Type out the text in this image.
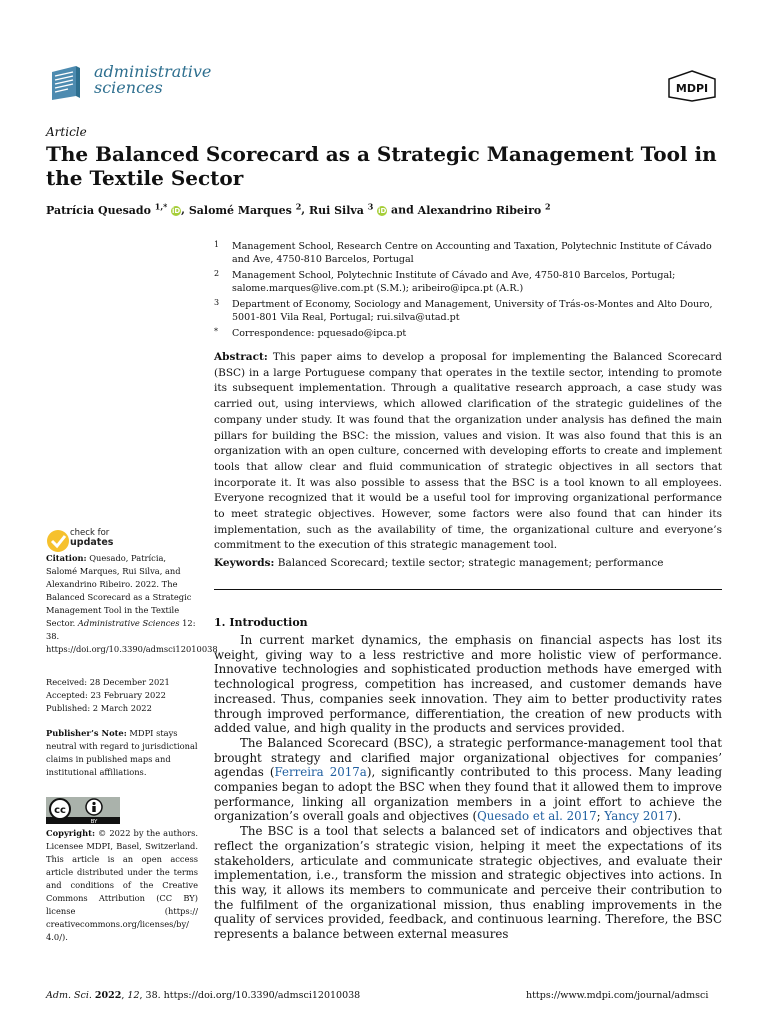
administrative
sciences	MDPI
Article
The Balanced Scorecard as a Strategic Management Tool in the Textile Sector
Patrícia Quesado $^{1,*}$ iD, Salomé Marques $^2$, Rui Silva $^3$ iD and Alexandrino Ribeiro $^2$
1 Management School, Research Centre on Accounting and Taxation, Polytechnic Institute of Cávado and Ave, 4750-810 Barcelos, Portugal
2 Management School, Polytechnic Institute of Cávado and Ave, 4750-810 Barcelos, Portugal; salome.marques@live.com.pt (S.M.); aribeiro@ipca.pt (A.R.)
3 Department of Economy, Sociology and Management, University of Trás-os-Montes and Alto Douro, 5001-801 Vila Real, Portugal; rui.silva@utad.pt
* Correspondence: pquesado@ipca.pt
Abstract: This paper aims to develop a proposal for implementing the Balanced Scorecard (BSC) in a large Portuguese company that operates in the textile sector, intending to promote its subsequent implementation. Through a qualitative research approach, a case study was carried out, using interviews, which allowed clarification of the strategic guidelines of the company under study. It was found that the organization under analysis has defined the main pillars for building the BSC: the mission, values and vision. It was also found that this is an organization with an open culture, concerned with developing efforts to create and implement tools that allow clear and fluid communication of strategic objectives in all sectors that incorporate it. It was also possible to assess that the BSC is a tool known to all employees. Everyone recognized that it would be a useful tool for improving organizational performance to meet strategic objectives. However, some factors were also found that can hinder its implementation, such as the availability of time, the organizational culture and everyone’s commitment to the execution of this strategic management tool.
Keywords: Balanced Scorecard; textile sector; strategic management; performance
1. Introduction

In current market dynamics, the emphasis on financial aspects has lost its weight, giving way to a less restrictive and more holistic view of performance. Innovative technologies and sophisticated production methods have emerged with technological progress, competition has increased, and customer demands have increased. Thus, companies seek innovation. They aim to better productivity rates through improved performance, differentiation, the creation of new products with added value, and high quality in the products and services provided.

The Balanced Scorecard (BSC), a strategic performance-management tool that brought strategy and clarified major organizational objectives for companies’ agendas (Ferreira 2017a), significantly contributed to this process. Many leading companies began to adopt the BSC when they found that it allowed them to improve performance, linking all organization members in a joint effort to achieve the organization’s overall goals and objectives (Quesado et al. 2017; Yancy 2017).

The BSC is a tool that selects a balanced set of indicators and objectives that reflect the organization’s strategic vision, helping it meet the expectations of its stakeholders, articulate and communicate strategic objectives, and evaluate their implementation, i.e., transform the mission and strategic objectives into actions. In this way, it allows its members to communicate and perceive their contribution to the fulfilment of the organizational mission, thus enabling improvements in the quality of services provided, feedback, and continuous learning. Therefore, the BSC represents a balance between external measures

check for
updates
Citation: Quesado, Patrícia, Salomé Marques, Rui Silva, and Alexandrino Ribeiro. 2022. The Balanced Scorecard as a Strategic Management Tool in the Textile Sector. Administrative Sciences 12: 38. https://doi.org/10.3390/admsci12010038
Received: 28 December 2021
Accepted: 23 February 2022
Published: 2 March 2022
Publisher’s Note: MDPI stays neutral with regard to jurisdictional claims in published maps and institutional affiliations.
cc
BY
Copyright: © 2022 by the authors. Licensee MDPI, Basel, Switzerland. This article is an open access article distributed under the terms and conditions of the Creative Commons Attribution (CC BY) license (https:// creativecommons.org/licenses/by/ 4.0/).
Adm. Sci. 2022, 12, 38. https://doi.org/10.3390/admsci12010038	https://www.mdpi.com/journal/admsci
